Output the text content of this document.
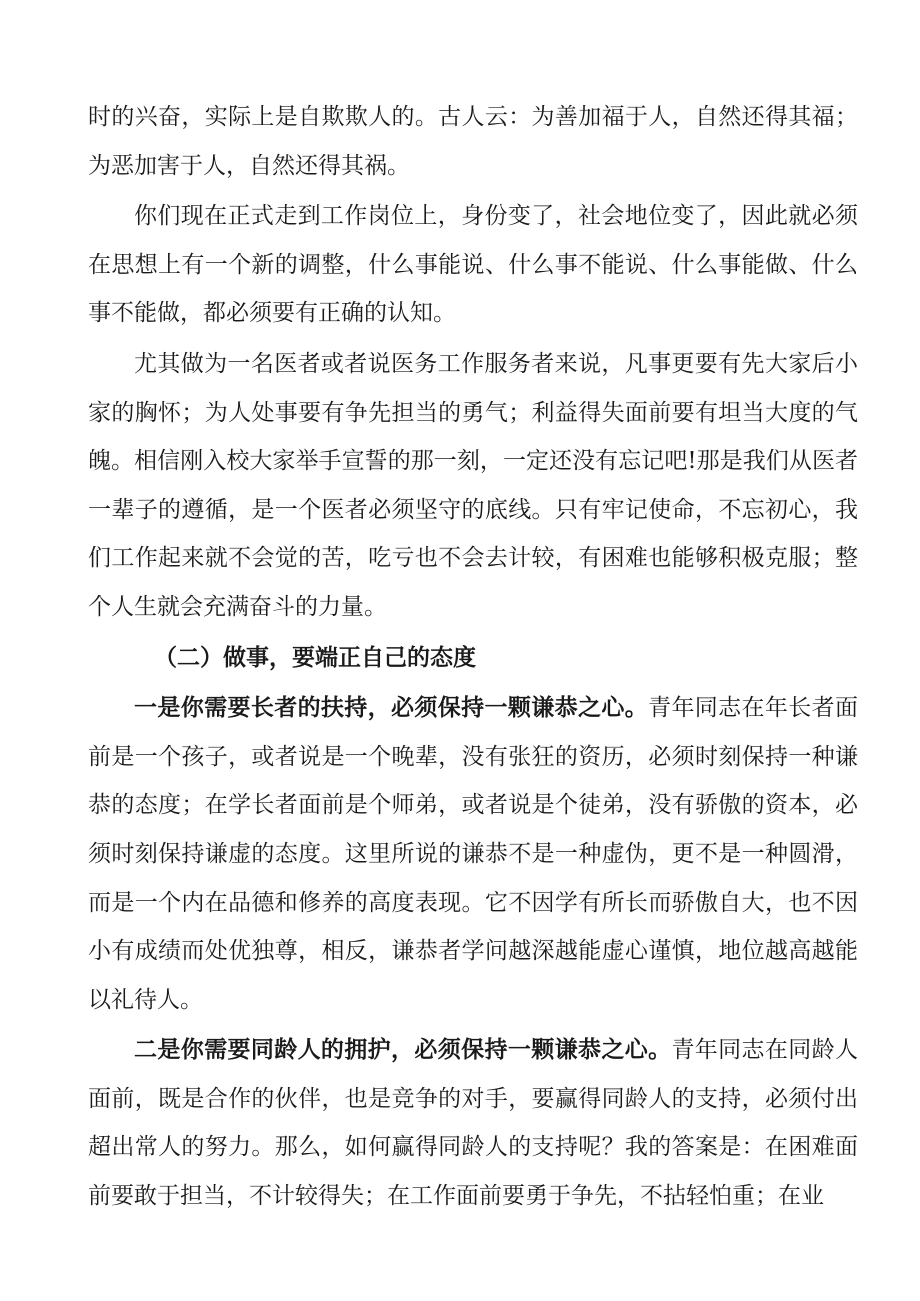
时的兴奋，实际上是自欺欺人的。古人云：为善加福于人，自然还得其福；为恶加害于人，自然还得其祸。

你们现在正式走到工作岗位上，身份变了，社会地位变了，因此就必须在思想上有一个新的调整，什么事能说、什么事不能说、什么事能做、什么事不能做，都必须要有正确的认知。

尤其做为一名医者或者说医务工作服务者来说，凡事更要有先大家后小家的胸怀；为人处事要有争先担当的勇气；利益得失面前要有坦当大度的气魄。相信刚入校大家举手宣誓的那一刻，一定还没有忘记吧!那是我们从医者一辈子的遵循，是一个医者必须坚守的底线。只有牢记使命，不忘初心，我们工作起来就不会觉的苦，吃亏也不会去计较，有困难也能够积极克服；整个人生就会充满奋斗的力量。

（二）做事，要端正自己的态度

一是你需要长者的扶持，必须保持一颗谦恭之心。青年同志在年长者面前是一个孩子，或者说是一个晚辈，没有张狂的资历，必须时刻保持一种谦恭的态度；在学长者面前是个师弟，或者说是个徒弟，没有骄傲的资本，必须时刻保持谦虚的态度。这里所说的谦恭不是一种虚伪，更不是一种圆滑，而是一个内在品德和修养的高度表现。它不因学有所长而骄傲自大，也不因小有成绩而处优独尊，相反，谦恭者学问越深越能虚心谨慎，地位越高越能以礼待人。

二是你需要同龄人的拥护，必须保持一颗谦恭之心。青年同志在同龄人面前，既是合作的伙伴，也是竞争的对手，要赢得同龄人的支持，必须付出超出常人的努力。那么，如何赢得同龄人的支持呢？我的答案是：在困难面前要敢于担当，不计较得失；在工作面前要勇于争先，不拈轻怕重；在业
